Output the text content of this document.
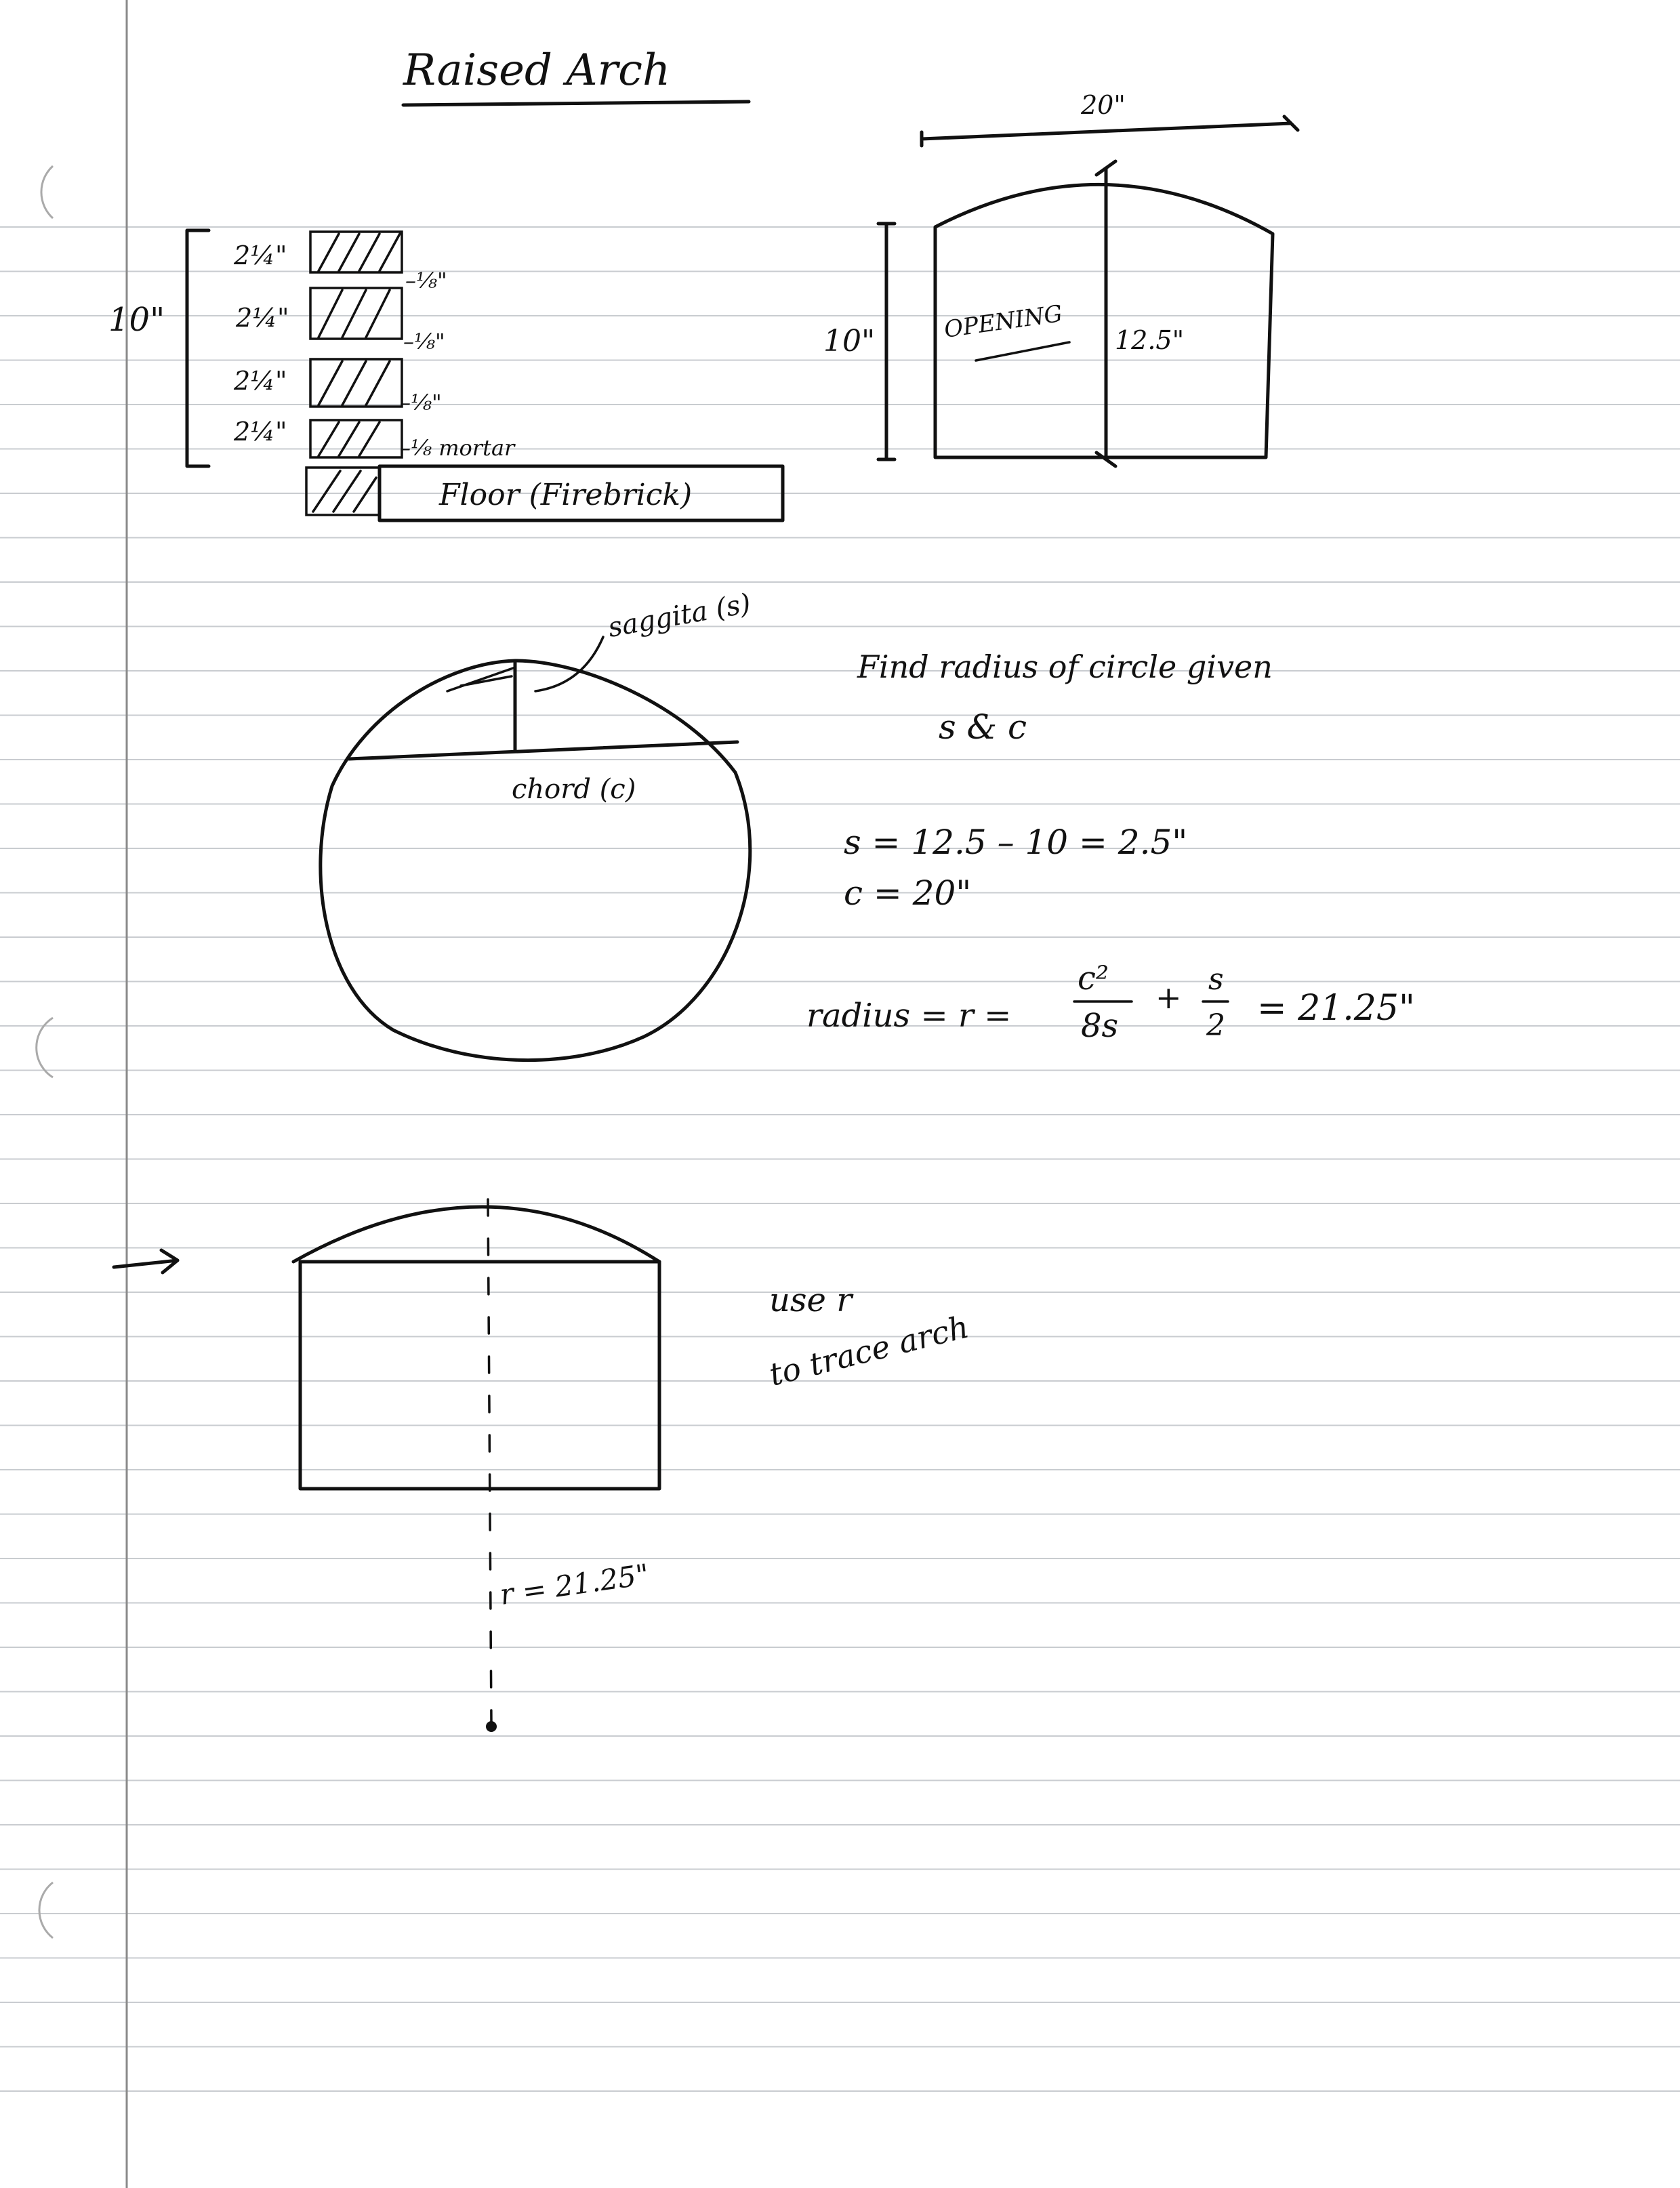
Raised Arch
10"
2¼"
2¼"
2¼"
2¼"
–⅛"
–⅛"
–⅛"
–⅛ mortar
Floor (Firebrick)
20"
10"	OPENING 12.5"
saggita (s)
chord (c)
Find radius of circle given
s & c
s = 12.5 – 10 = 2.5"
c = 20"
radius = r =
c²
8s
+ s
2 = 21.25"
r = 21.25"
use r
to trace arch
